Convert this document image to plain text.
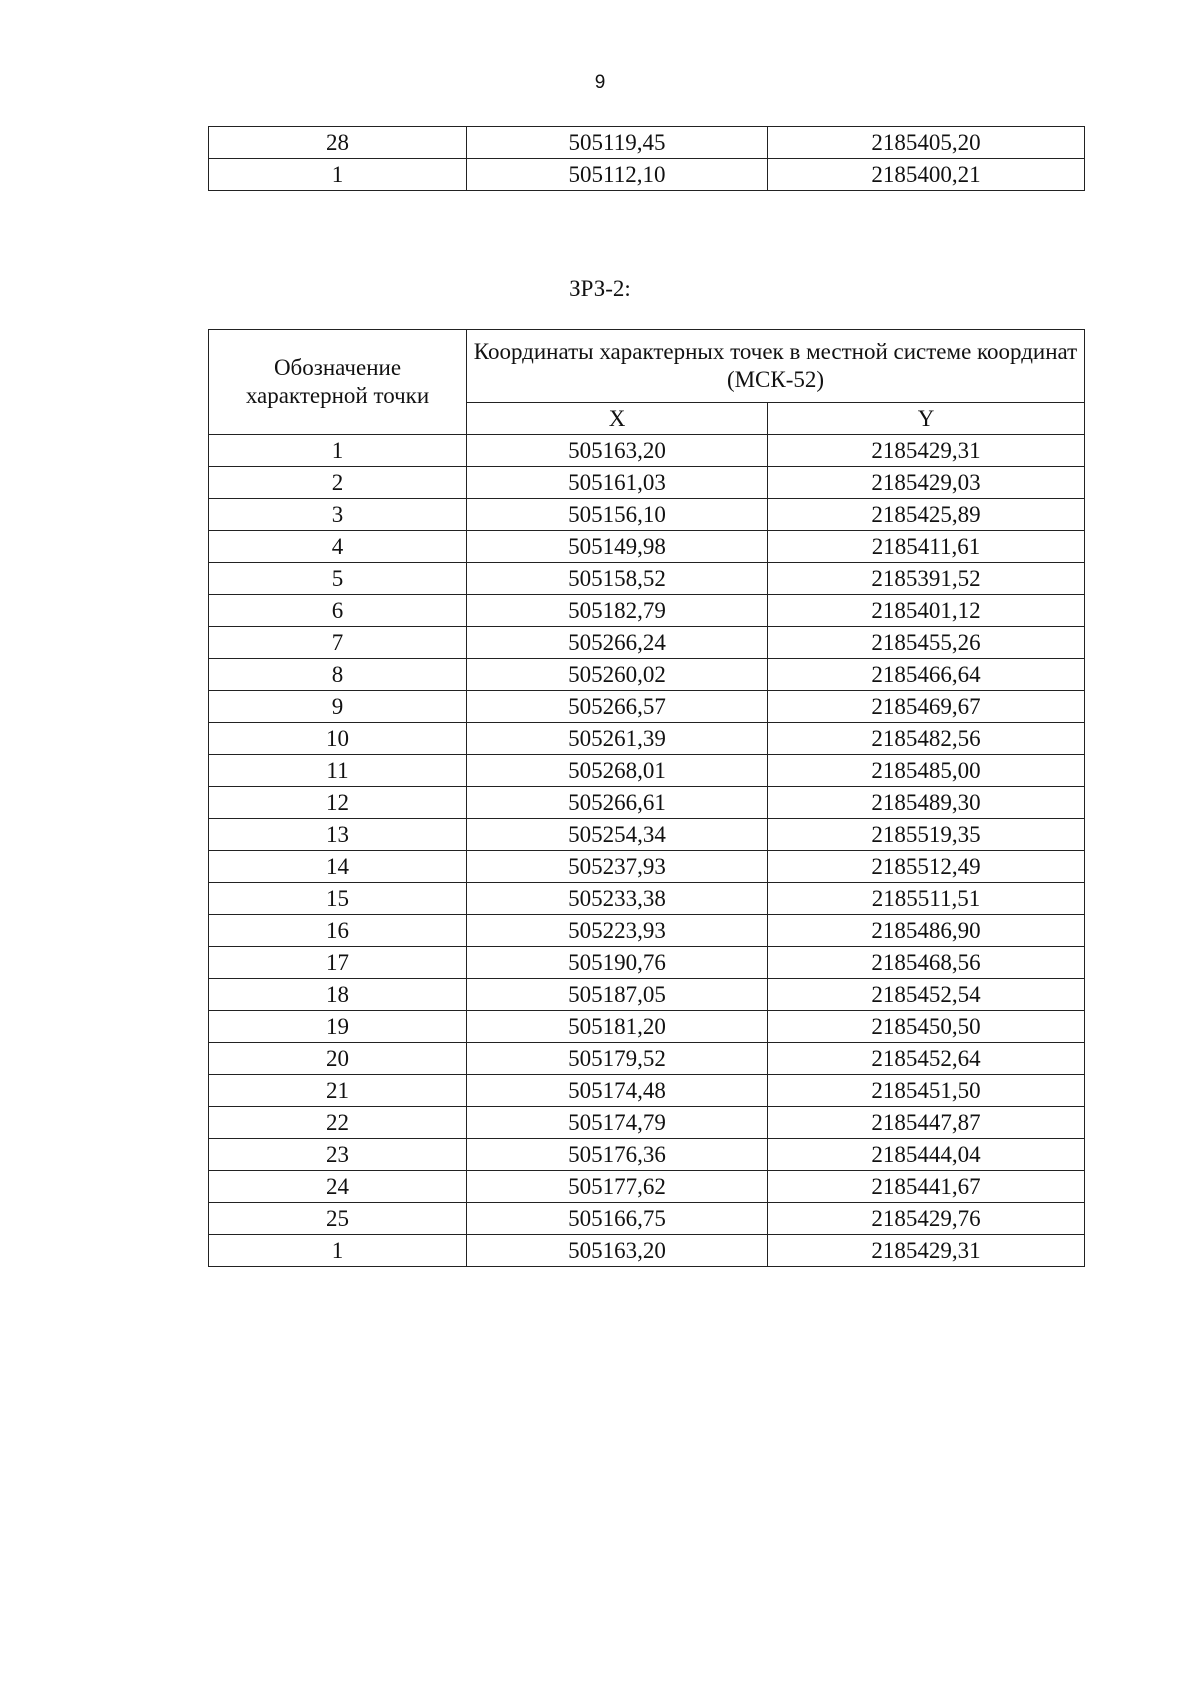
9
28	505119,45	2185405,20
1	505112,10	2185400,21
ЗРЗ-2:
Обозначение характерной точки	Координаты характерных точек в местной системе координат (МСК-52)	
	X	Y
1	505163,20	2185429,31
2	505161,03	2185429,03
3	505156,10	2185425,89
4	505149,98	2185411,61
5	505158,52	2185391,52
6	505182,79	2185401,12
7	505266,24	2185455,26
8	505260,02	2185466,64
9	505266,57	2185469,67
10	505261,39	2185482,56
11	505268,01	2185485,00
12	505266,61	2185489,30
13	505254,34	2185519,35
14	505237,93	2185512,49
15	505233,38	2185511,51
16	505223,93	2185486,90
17	505190,76	2185468,56
18	505187,05	2185452,54
19	505181,20	2185450,50
20	505179,52	2185452,64
21	505174,48	2185451,50
22	505174,79	2185447,87
23	505176,36	2185444,04
24	505177,62	2185441,67
25	505166,75	2185429,76
1	505163,20	2185429,31
